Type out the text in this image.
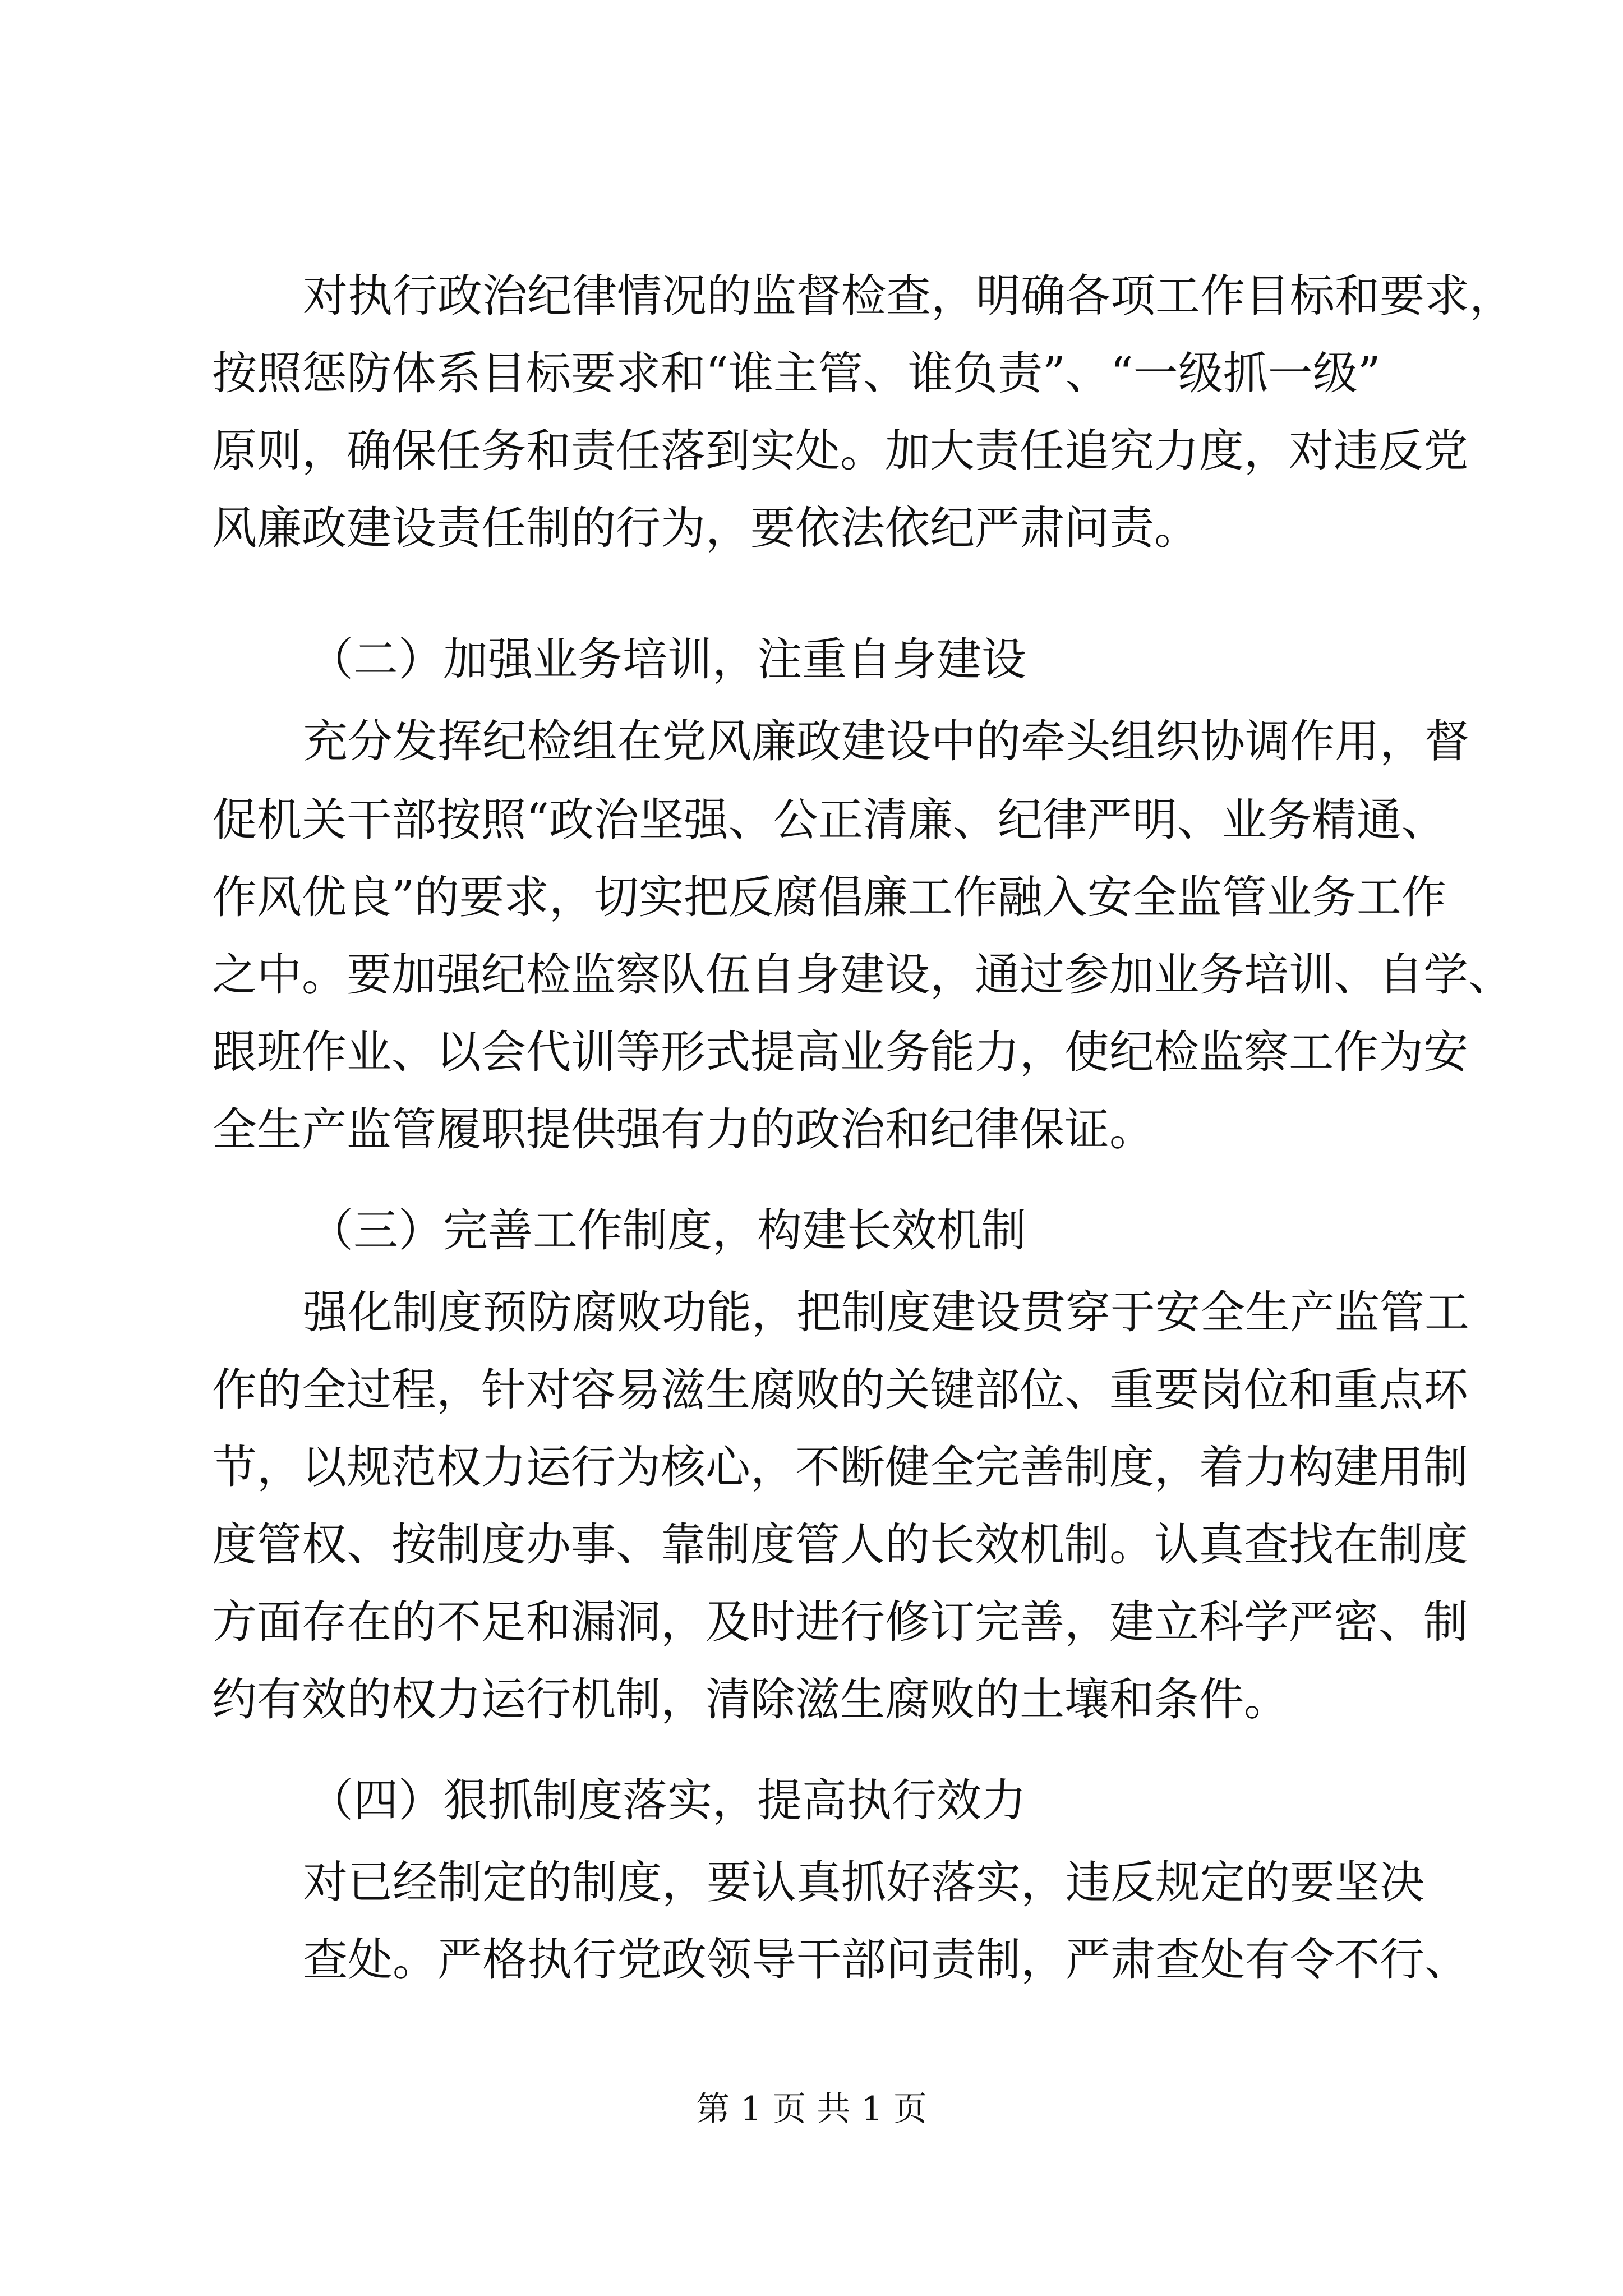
对执行政治纪律情况的监督检查，明确各项工作目标和要求，
按照惩防体系目标要求和“谁主管、谁负责”、“一级抓一级”
原则，确保任务和责任落到实处。加大责任追究力度，对违反党
风廉政建设责任制的行为，要依法依纪严肃问责。
（二）加强业务培训，注重自身建设
充分发挥纪检组在党风廉政建设中的牵头组织协调作用，督
促机关干部按照“政治坚强、公正清廉、纪律严明、业务精通、
作风优良”的要求，切实把反腐倡廉工作融入安全监管业务工作
之中。要加强纪检监察队伍自身建设，通过参加业务培训、自学、
跟班作业、以会代训等形式提高业务能力，使纪检监察工作为安
全生产监管履职提供强有力的政治和纪律保证。
（三）完善工作制度，构建长效机制
强化制度预防腐败功能，把制度建设贯穿于安全生产监管工
作的全过程，针对容易滋生腐败的关键部位、重要岗位和重点环
节，以规范权力运行为核心，不断健全完善制度，着力构建用制
度管权、按制度办事、靠制度管人的长效机制。认真查找在制度
方面存在的不足和漏洞，及时进行修订完善，建立科学严密、制
约有效的权力运行机制，清除滋生腐败的土壤和条件。
（四）狠抓制度落实，提高执行效力
对已经制定的制度，要认真抓好落实，违反规定的要坚决
查处。严格执行党政领导干部问责制，严肃查处有令不行、
第 1 页 共 1 页
